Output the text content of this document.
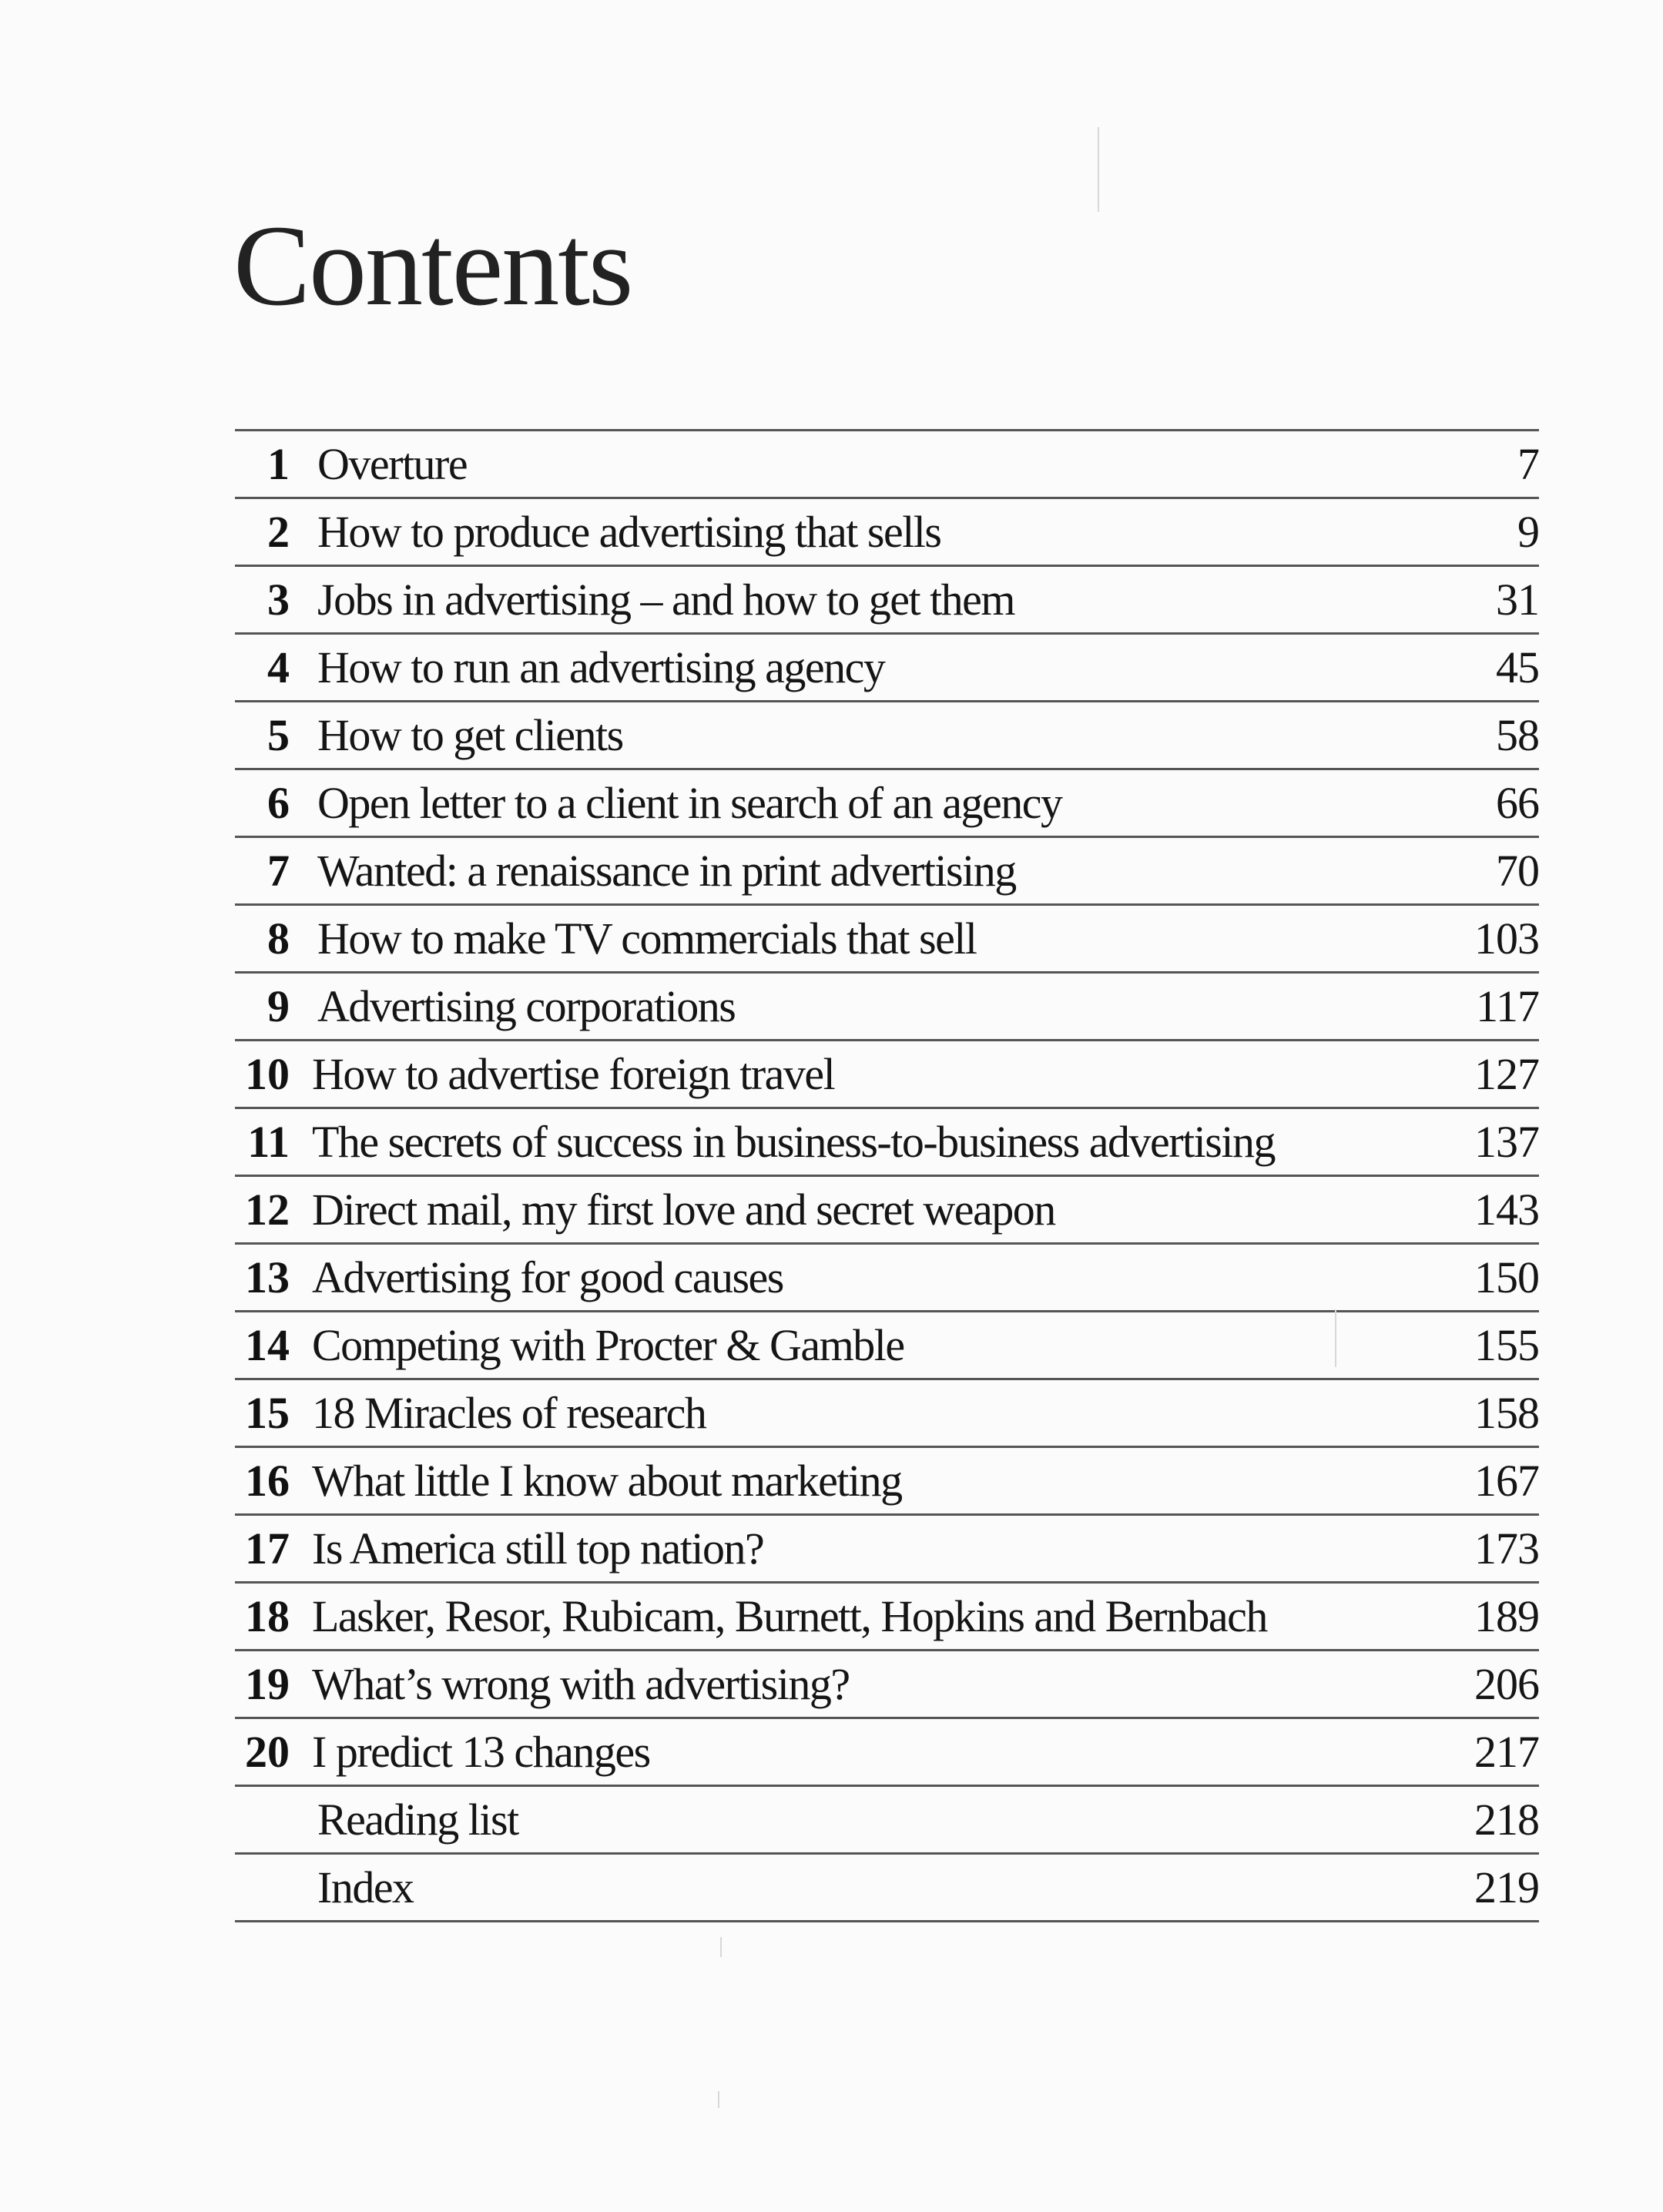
Contents
1 Overture	7
2 How to produce advertising that sells	9
3 Jobs in advertising – and how to get them	31
4 How to run an advertising agency	45
5 How to get clients	58
6 Open letter to a client in search of an agency	66
7 Wanted: a renaissance in print advertising	70
8 How to make TV commercials that sell	103
9 Advertising corporations	117
10 How to advertise foreign travel	127
11 The secrets of success in business-to-business advertising	137
12 Direct mail, my first love and secret weapon	143
13 Advertising for good causes	150
14 Competing with Procter & Gamble	155
15 18 Miracles of research	158
16 What little I know about marketing	167
17 Is America still top nation?	173
18 Lasker, Resor, Rubicam, Burnett, Hopkins and Bernbach	189
19 What’s wrong with advertising?	206
20 I predict 13 changes	217
Reading list	218
Index	219
